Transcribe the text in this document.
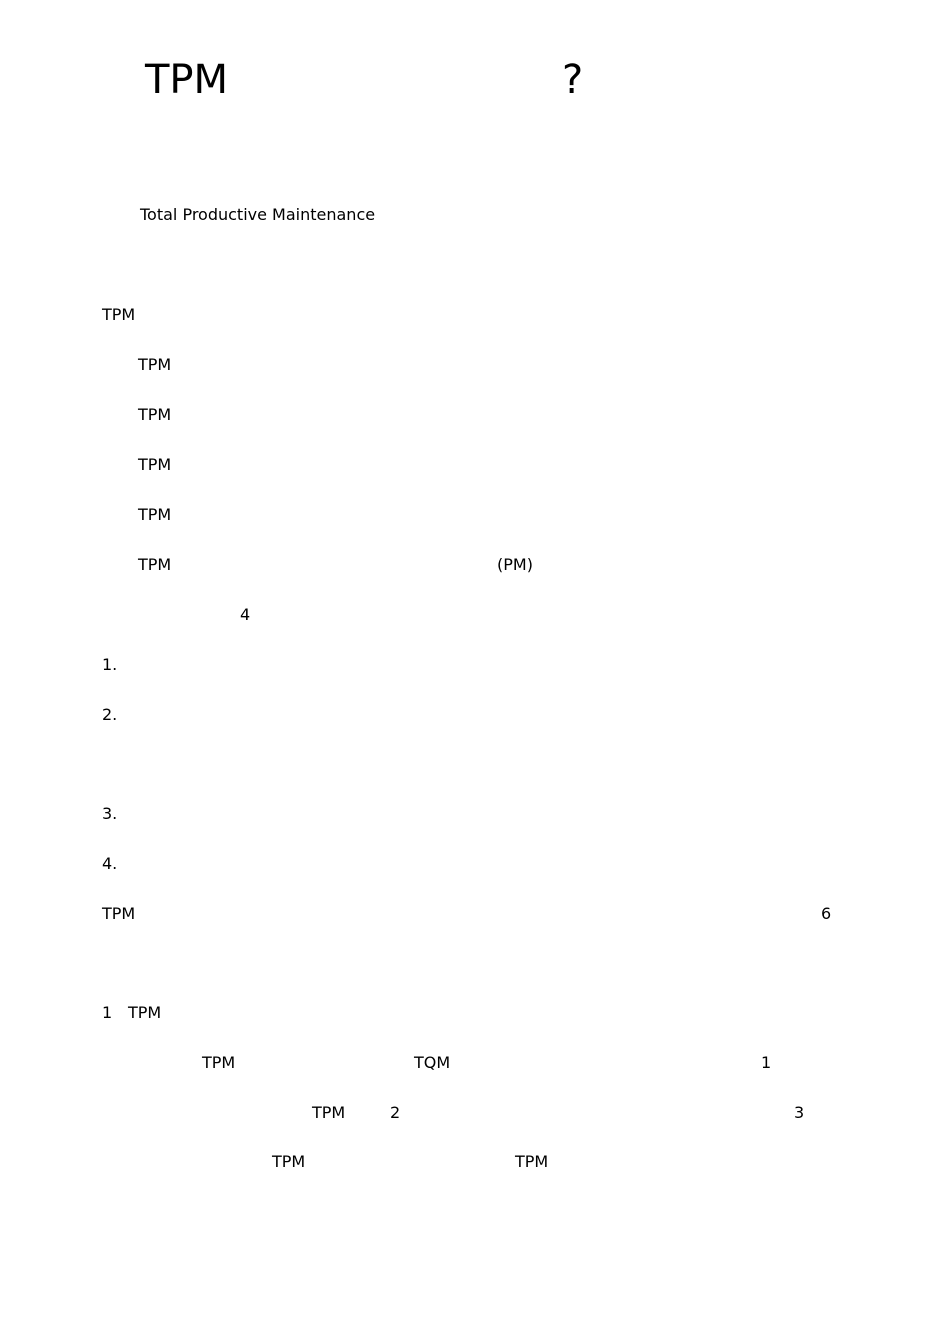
TPM	?
Total Productive Maintenance
TPM
TPM
TPM
TPM
TPM
TPM	(PM)
4
1.
2.
3.
4.
TPM	6
1 TPM
TPM	TQM	1
TPM	2	3
TPM	TPM
